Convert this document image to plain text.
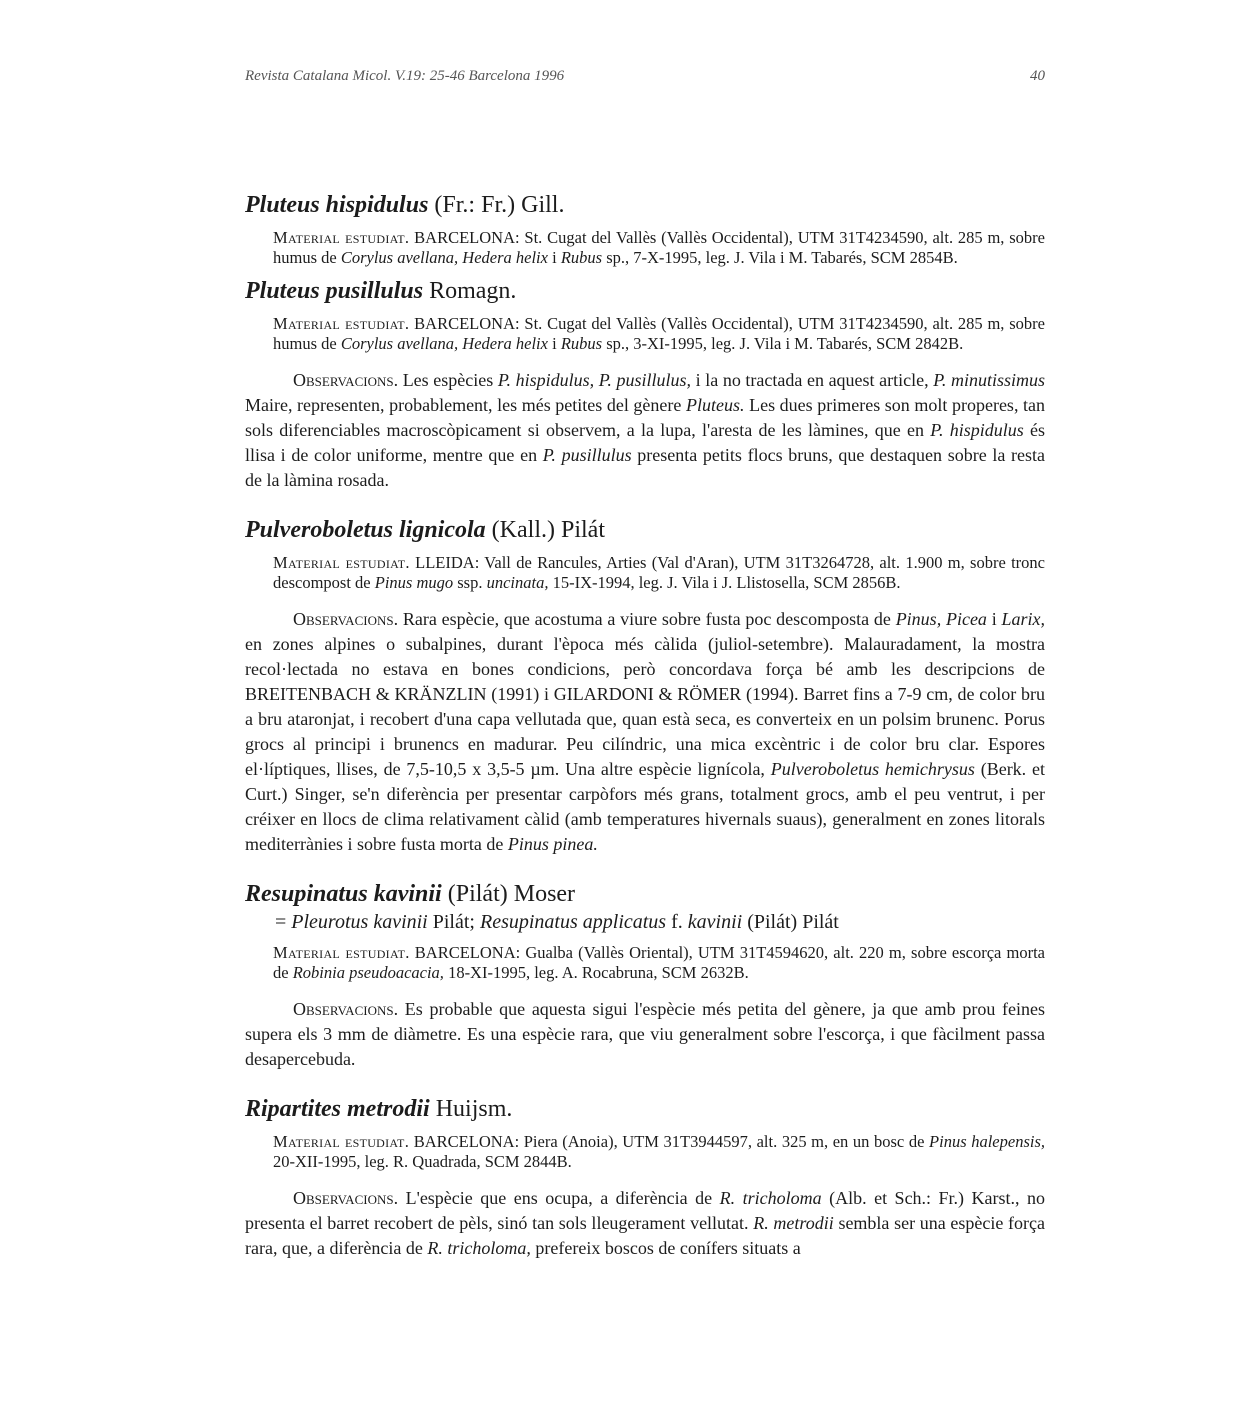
Revista Catalana Micol. V.19: 25-46 Barcelona 1996	40
Pluteus hispidulus (Fr.: Fr.) Gill.

Material estudiat. BARCELONA: St. Cugat del Vallès (Vallès Occidental), UTM 31T4234590, alt. 285 m, sobre humus de Corylus avellana, Hedera helix i Rubus sp., 7-X-1995, leg. J. Vila i M. Tabarés, SCM 2854B.

Pluteus pusillulus Romagn.

Material estudiat. BARCELONA: St. Cugat del Vallès (Vallès Occidental), UTM 31T4234590, alt. 285 m, sobre humus de Corylus avellana, Hedera helix i Rubus sp., 3-XI-1995, leg. J. Vila i M. Tabarés, SCM 2842B.

Observacions. Les espècies P. hispidulus, P. pusillulus, i la no tractada en aquest article, P. minutissimus Maire, representen, probablement, les més petites del gènere Pluteus. Les dues primeres son molt properes, tan sols diferenciables macroscòpicament si observem, a la lupa, l'aresta de les làmines, que en P. hispidulus és llisa i de color uniforme, mentre que en P. pusillulus presenta petits flocs bruns, que destaquen sobre la resta de la làmina rosada.

Pulveroboletus lignicola (Kall.) Pilát

Material estudiat. LLEIDA: Vall de Rancules, Arties (Val d'Aran), UTM 31T3264728, alt. 1.900 m, sobre tronc descompost de Pinus mugo ssp. uncinata, 15-IX-1994, leg. J. Vila i J. Llistosella, SCM 2856B.

Observacions. Rara espècie, que acostuma a viure sobre fusta poc descomposta de Pinus, Picea i Larix, en zones alpines o subalpines, durant l'època més càlida (juliol-setembre). Malauradament, la mostra recol·lectada no estava en bones condicions, però concordava força bé amb les descripcions de BREITENBACH & KRÄNZLIN (1991) i GILARDONI & RÖMER (1994). Barret fins a 7-9 cm, de color bru a bru ataronjat, i recobert d'una capa vellutada que, quan està seca, es converteix en un polsim brunenc. Porus grocs al principi i brunencs en madurar. Peu cilíndric, una mica excèntric i de color bru clar. Espores el·líptiques, llises, de 7,5-10,5 x 3,5-5 µm. Una altre espècie lignícola, Pulveroboletus hemichrysus (Berk. et Curt.) Singer, se'n diferència per presentar carpòfors més grans, totalment grocs, amb el peu ventrut, i per créixer en llocs de clima relativament càlid (amb temperatures hivernals suaus), generalment en zones litorals mediterrànies i sobre fusta morta de Pinus pinea.

Resupinatus kavinii (Pilát) Moser

= Pleurotus kavinii Pilát; Resupinatus applicatus f. kavinii (Pilát) Pilát

Material estudiat. BARCELONA: Gualba (Vallès Oriental), UTM 31T4594620, alt. 220 m, sobre escorça morta de Robinia pseudoacacia, 18-XI-1995, leg. A. Rocabruna, SCM 2632B.

Observacions. Es probable que aquesta sigui l'espècie més petita del gènere, ja que amb prou feines supera els 3 mm de diàmetre. Es una espècie rara, que viu generalment sobre l'escorça, i que fàcilment passa desapercebuda.

Ripartites metrodii Huijsm.

Material estudiat. BARCELONA: Piera (Anoia), UTM 31T3944597, alt. 325 m, en un bosc de Pinus halepensis, 20-XII-1995, leg. R. Quadrada, SCM 2844B.

Observacions. L'espècie que ens ocupa, a diferència de R. tricholoma (Alb. et Sch.: Fr.) Karst., no presenta el barret recobert de pèls, sinó tan sols lleugerament vellutat. R. metrodii sembla ser una espècie força rara, que, a diferència de R. tricholoma, prefereix boscos de conífers situats a
